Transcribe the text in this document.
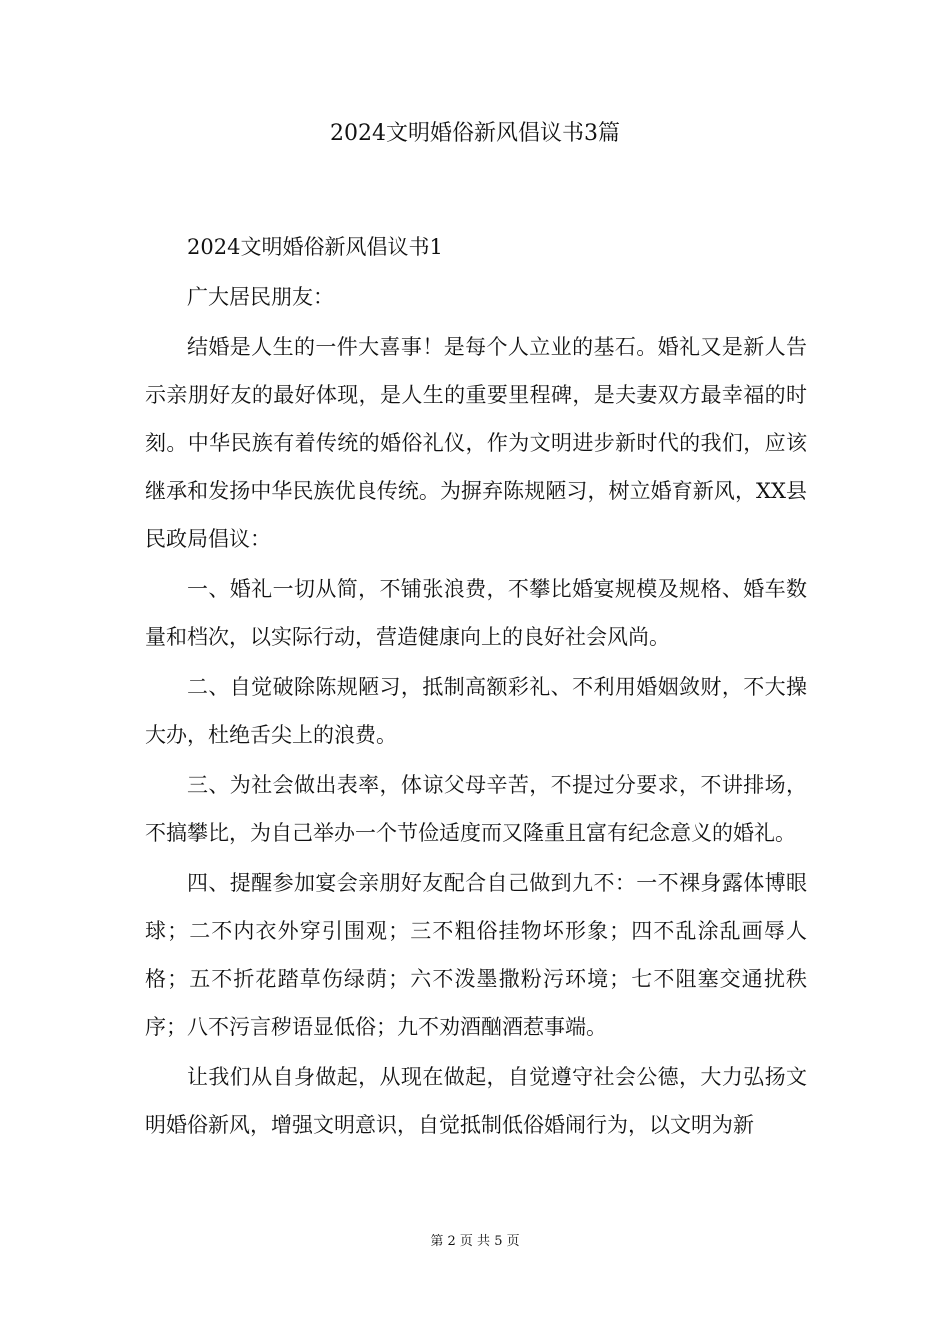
2024文明婚俗新风倡议书3篇

2024文明婚俗新风倡议书1

广大居民朋友：

结婚是人生的一件大喜事！是每个人立业的基石。婚礼又是新人告示亲朋好友的最好体现，是人生的重要里程碑，是夫妻双方最幸福的时刻。中华民族有着传统的婚俗礼仪，作为文明进步新时代的我们，应该继承和发扬中华民族优良传统。为摒弃陈规陋习，树立婚育新风，XX县民政局倡议：

一、婚礼一切从简，不铺张浪费，不攀比婚宴规模及规格、婚车数量和档次，以实际行动，营造健康向上的良好社会风尚。

二、自觉破除陈规陋习，抵制高额彩礼、不利用婚姻敛财，不大操大办，杜绝舌尖上的浪费。

三、为社会做出表率，体谅父母辛苦，不提过分要求，不讲排场，不搞攀比，为自己举办一个节俭适度而又隆重且富有纪念意义的婚礼。

四、提醒参加宴会亲朋好友配合自己做到九不：一不裸身露体博眼球；二不内衣外穿引围观；三不粗俗挂物坏形象；四不乱涂乱画辱人格；五不折花踏草伤绿荫；六不泼墨撒粉污环境；七不阻塞交通扰秩序；八不污言秽语显低俗；九不劝酒酗酒惹事端。

让我们从自身做起，从现在做起，自觉遵守社会公德，大力弘扬文明婚俗新风，增强文明意识，自觉抵制低俗婚闹行为，以文明为新

第 2 页 共 5 页
